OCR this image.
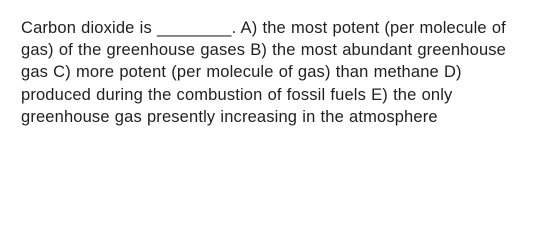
Carbon dioxide is ________. A) the most potent (per molecule of
gas) of the greenhouse gases B) the most abundant greenhouse
gas C) more potent (per molecule of gas) than methane D)
produced during the combustion of fossil fuels E) the only
greenhouse gas presently increasing in the atmosphere
